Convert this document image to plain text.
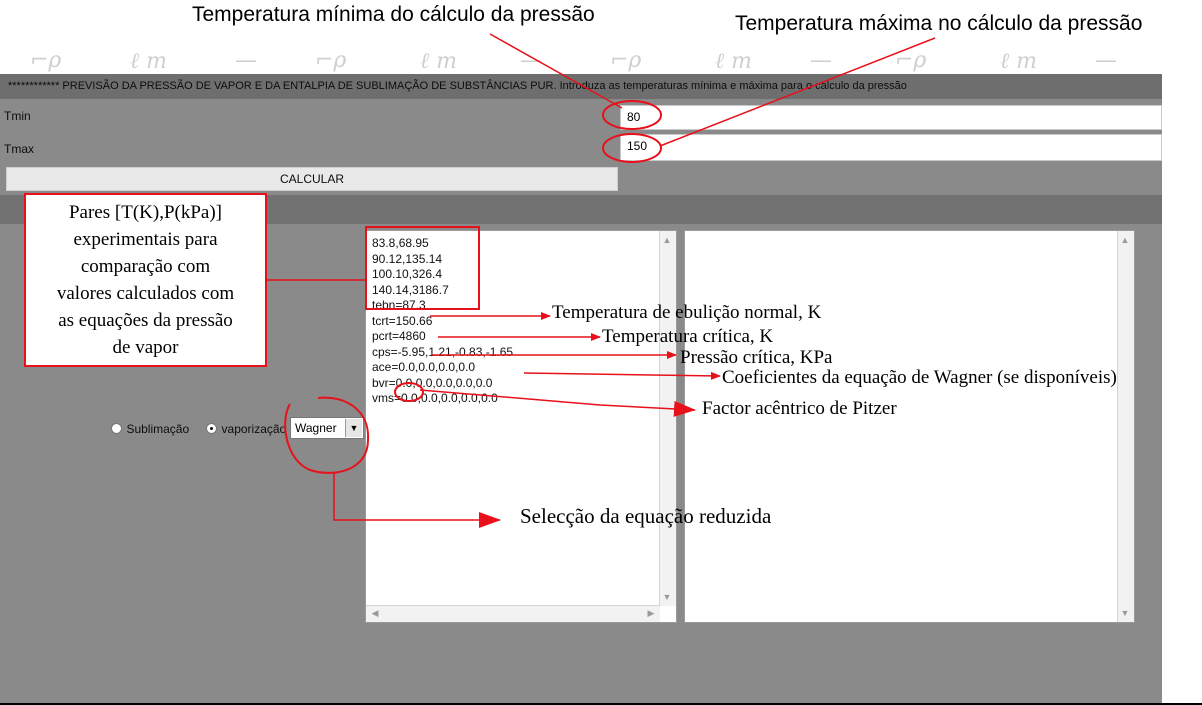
Temperatura mínima do cálculo da pressão	Temperatura máxima no cálculo da pressão
⌐ρ	ℓ m	—	⌐ρ	ℓ m	—	⌐ρ	ℓ m	—	⌐ρ	ℓ m	—
************ PREVISÃO DA PRESSÃO DE VAPOR E DA ENTALPIA DE SUBLIMAÇÃO DE SUBSTÂNCIAS PUR. Introduza as temperaturas mínima e máxima para o cálculo da pressão
Tmin	80
Tmax	150
CALCULAR
83.8,68.95
90.12,135.14
100.10,326.4
140.14,3186.7
tebn=87.3
tcrt=150.66
pcrt=4860
cps=-5.95,1.21,-0.83,-1.65
ace=0.0,0.0,0.0,0.0
bvr=0.0,0.0,0.0,0.0,0.0
vms=0.0,0.0,0.0,0.0,0.0
▲
▼
◀	▶
▲
▼
Sublimação	vaporização Wagner	▼
Pares [T(K),P(kPa)]
experimentais para
comparação com
valores calculados com
as equações da pressão
de vapor
Temperatura de ebulição normal, K
Temperatura crítica, K
Pressão crítica, KPa
Coeficientes da equação de Wagner (se disponíveis)
Factor acêntrico de Pitzer
Selecção da equação reduzida
